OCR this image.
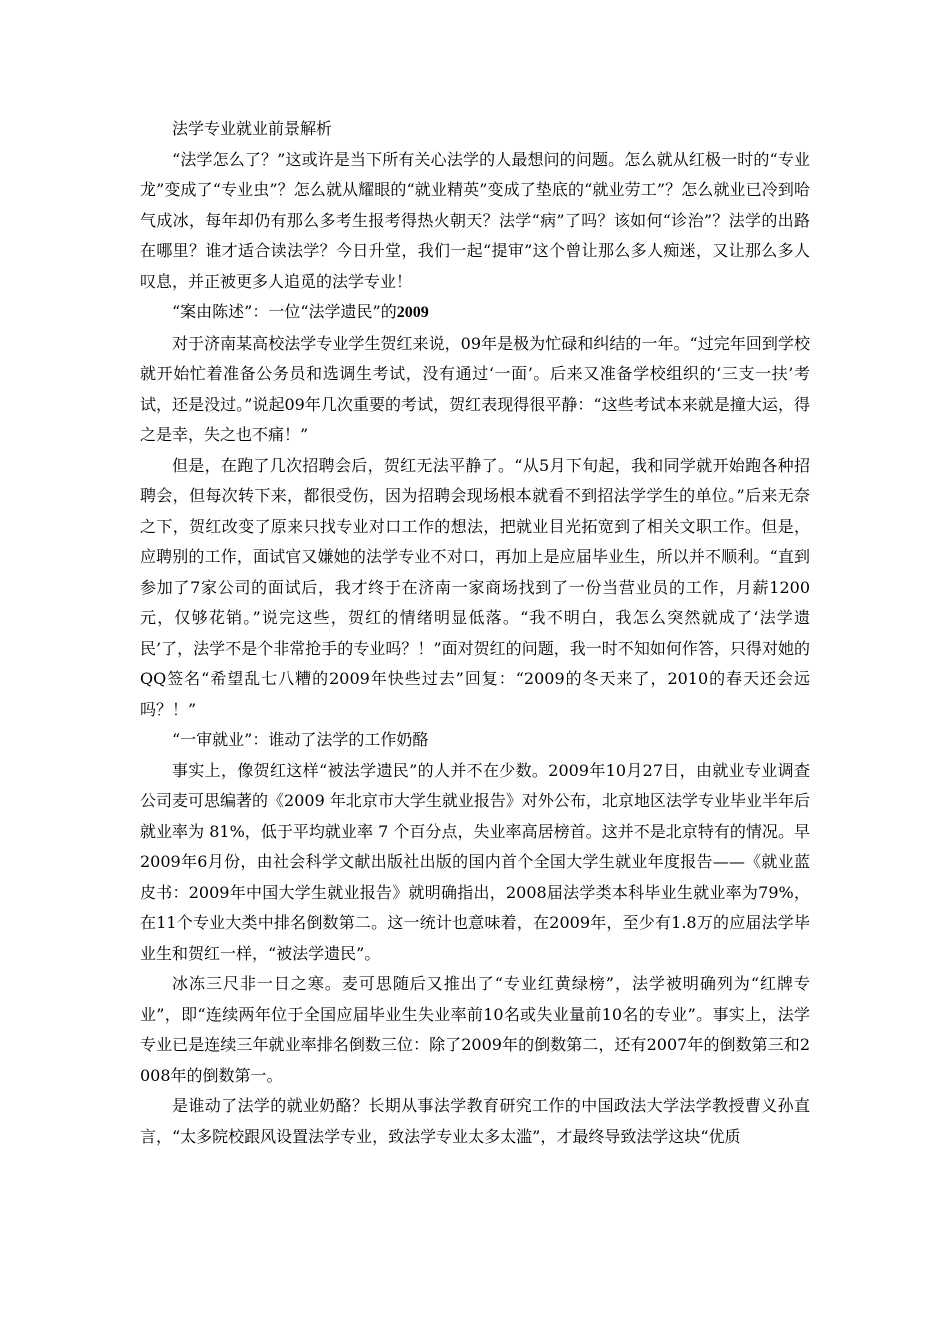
法学专业就业前景解析

“法学怎么了？”这或许是当下所有关心法学的人最想问的问题。怎么就从红极一时的“专业龙”变成了“专业虫”？怎么就从耀眼的“就业精英”变成了垫底的“就业劳工”？怎么就业已冷到哈气成冰，每年却仍有那么多考生报考得热火朝天？法学“病”了吗？该如何“诊治”？法学的出路在哪里？谁才适合读法学？今日升堂，我们一起“提审”这个曾让那么多人痴迷，又让那么多人叹息，并正被更多人追觅的法学专业！

“案由陈述”：一位“法学遗民”的2009

对于济南某高校法学专业学生贺红来说，09年是极为忙碌和纠结的一年。“过完年回到学校就开始忙着准备公务员和选调生考试，没有通过‘一面’。后来又准备学校组织的‘三支一扶’考试，还是没过。”说起09年几次重要的考试，贺红表现得很平静：“这些考试本来就是撞大运，得之是幸，失之也不痛！”

但是，在跑了几次招聘会后，贺红无法平静了。“从5月下旬起，我和同学就开始跑各种招聘会，但每次转下来，都很受伤，因为招聘会现场根本就看不到招法学学生的单位。”后来无奈之下，贺红改变了原来只找专业对口工作的想法，把就业目光拓宽到了相关文职工作。但是，应聘别的工作，面试官又嫌她的法学专业不对口，再加上是应届毕业生，所以并不顺利。“直到参加了7家公司的面试后，我才终于在济南一家商场找到了一份当营业员的工作，月薪1200元，仅够花销。”说完这些，贺红的情绪明显低落。“我不明白，我怎么突然就成了‘法学遗民’了，法学不是个非常抢手的专业吗？！”面对贺红的问题，我一时不知如何作答，只得对她的QQ签名“希望乱七八糟的2009年快些过去”回复：“2009的冬天来了，2010的春天还会远吗？！”

“一审就业”：谁动了法学的工作奶酪

事实上，像贺红这样“被法学遗民”的人并不在少数。2009年10月27日，由就业专业调查公司麦可思编著的《2009 年北京市大学生就业报告》对外公布，北京地区法学专业毕业半年后就业率为 81%，低于平均就业率 7 个百分点，失业率高居榜首。这并不是北京特有的情况。早2009年6月份，由社会科学文献出版社出版的国内首个全国大学生就业年度报告——《就业蓝皮书：2009年中国大学生就业报告》就明确指出，2008届法学类本科毕业生就业率为79%，在11个专业大类中排名倒数第二。这一统计也意味着，在2009年，至少有1.8万的应届法学毕业生和贺红一样，“被法学遗民”。

冰冻三尺非一日之寒。麦可思随后又推出了“专业红黄绿榜”，法学被明确列为“红牌专业”，即“连续两年位于全国应届毕业生失业率前10名或失业量前10名的专业”。事实上，法学专业已是连续三年就业率排名倒数三位：除了2009年的倒数第二，还有2007年的倒数第三和2008年的倒数第一。

是谁动了法学的就业奶酪？长期从事法学教育研究工作的中国政法大学法学教授曹义孙直言，“太多院校跟风设置法学专业，致法学专业太多太滥”，才最终导致法学这块“优质
